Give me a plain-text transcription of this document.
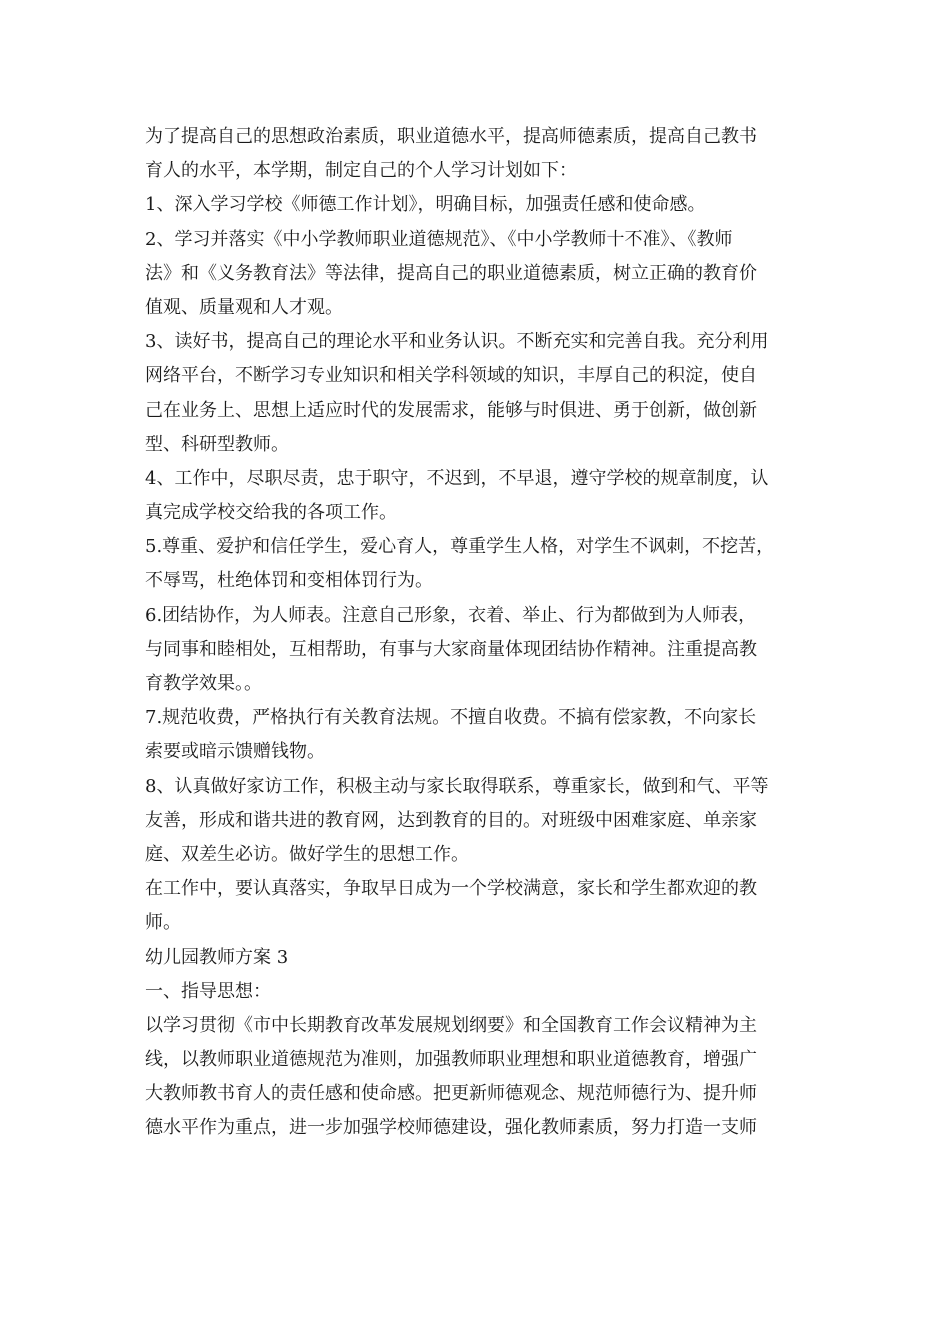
为了提高自己的思想政治素质，职业道德水平，提高师德素质，提高自己教书
育人的水平，本学期，制定自己的个人学习计划如下：
1、深入学习学校《师德工作计划》，明确目标，加强责任感和使命感。
2、学习并落实《中小学教师职业道德规范》、《中小学教师十不准》、《教师
法》和《义务教育法》等法律，提高自己的职业道德素质，树立正确的教育价
值观、质量观和人才观。
3、读好书，提高自己的理论水平和业务认识。不断充实和完善自我。充分利用
网络平台，不断学习专业知识和相关学科领域的知识，丰厚自己的积淀，使自
己在业务上、思想上适应时代的发展需求，能够与时俱进、勇于创新，做创新
型、科研型教师。
4、工作中，尽职尽责，忠于职守，不迟到，不早退，遵守学校的规章制度，认
真完成学校交给我的各项工作。
5.尊重、爱护和信任学生，爱心育人，尊重学生人格，对学生不讽刺，不挖苦，
不辱骂，杜绝体罚和变相体罚行为。
6.团结协作，为人师表。注意自己形象，衣着、举止、行为都做到为人师表，
与同事和睦相处，互相帮助，有事与大家商量体现团结协作精神。注重提高教
育教学效果。。
7.规范收费，严格执行有关教育法规。不擅自收费。不搞有偿家教，不向家长
索要或暗示馈赠钱物。
8、认真做好家访工作，积极主动与家长取得联系，尊重家长，做到和气、平等
友善，形成和谐共进的教育网，达到教育的目的。对班级中困难家庭、单亲家
庭、双差生必访。做好学生的思想工作。
在工作中，要认真落实，争取早日成为一个学校满意，家长和学生都欢迎的教
师。
幼儿园教师方案 3
一、指导思想：
以学习贯彻《市中长期教育改革发展规划纲要》和全国教育工作会议精神为主
线，以教师职业道德规范为准则，加强教师职业理想和职业道德教育，增强广
大教师教书育人的责任感和使命感。把更新师德观念、规范师德行为、提升师
德水平作为重点，进一步加强学校师德建设，强化教师素质，努力打造一支师
